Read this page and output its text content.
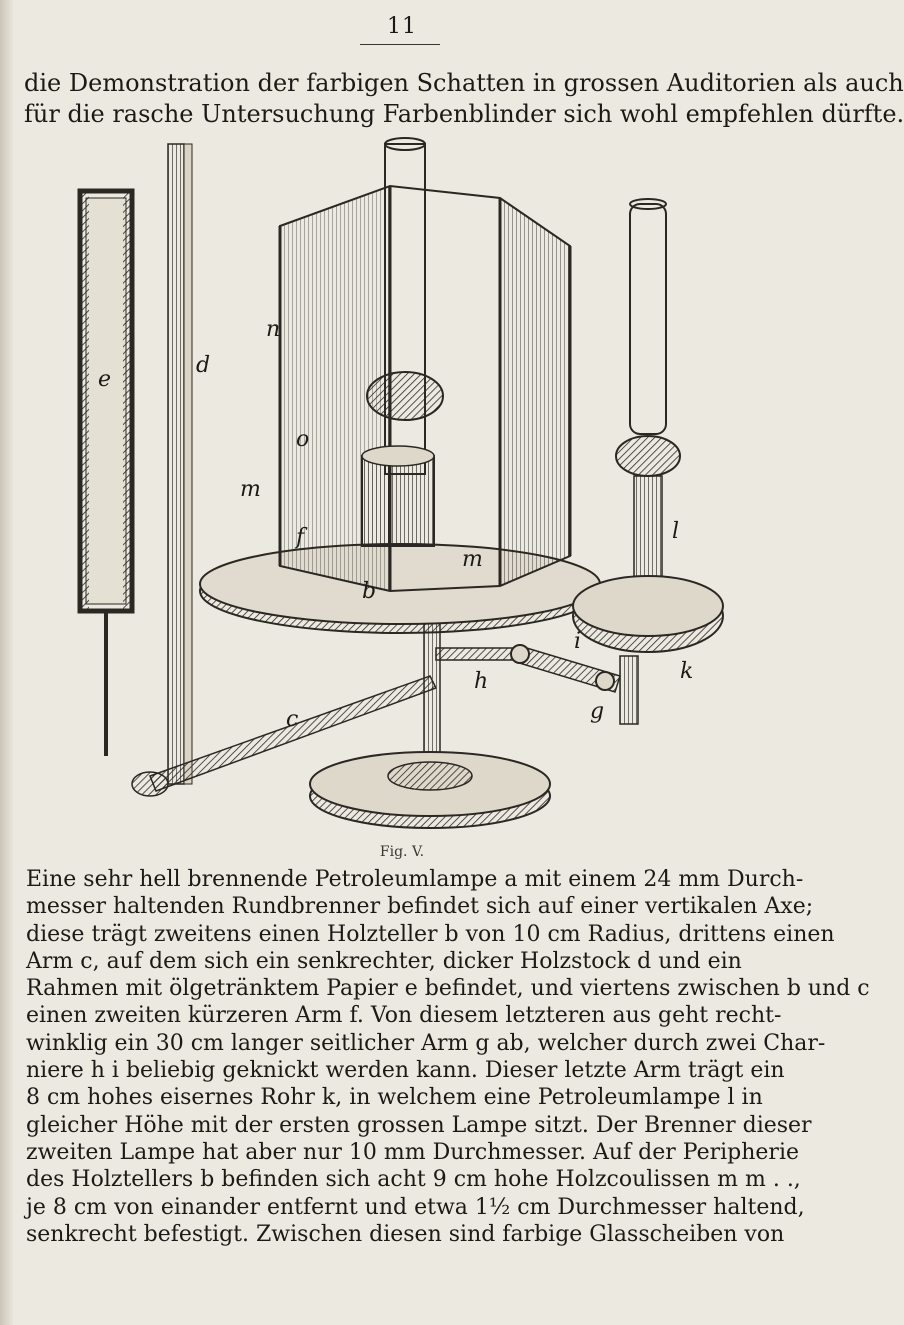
11
die Demonstration der farbigen Schatten in grossen Auditorien als auch
für die rasche Untersuchung Farbenblinder sich wohl empfehlen dürfte.
e
d
n
o
m
f
b
m
l
i
h	k
g
c
Fig. V.
Eine sehr hell brennende Petroleumlampe a mit einem 24 mm Durch-
messer haltenden Rundbrenner befindet sich auf einer vertikalen Axe;
diese trägt zweitens einen Holzteller b von 10 cm Radius, drittens einen
Arm c, auf dem sich ein senkrechter, dicker Holzstock d und ein
Rahmen mit ölgetränktem Papier e befindet, und viertens zwischen b und c
einen zweiten kürzeren Arm f. Von diesem letzteren aus geht recht-
winklig ein 30 cm langer seitlicher Arm g ab, welcher durch zwei Char-
niere h i beliebig geknickt werden kann. Dieser letzte Arm trägt ein
8 cm hohes eisernes Rohr k, in welchem eine Petroleumlampe l in
gleicher Höhe mit der ersten grossen Lampe sitzt. Der Brenner dieser
zweiten Lampe hat aber nur 10 mm Durchmesser. Auf der Peripherie
des Holztellers b befinden sich acht 9 cm hohe Holzcoulissen m m . .,
je 8 cm von einander entfernt und etwa 1½ cm Durchmesser haltend,
senkrecht befestigt. Zwischen diesen sind farbige Glasscheiben von
